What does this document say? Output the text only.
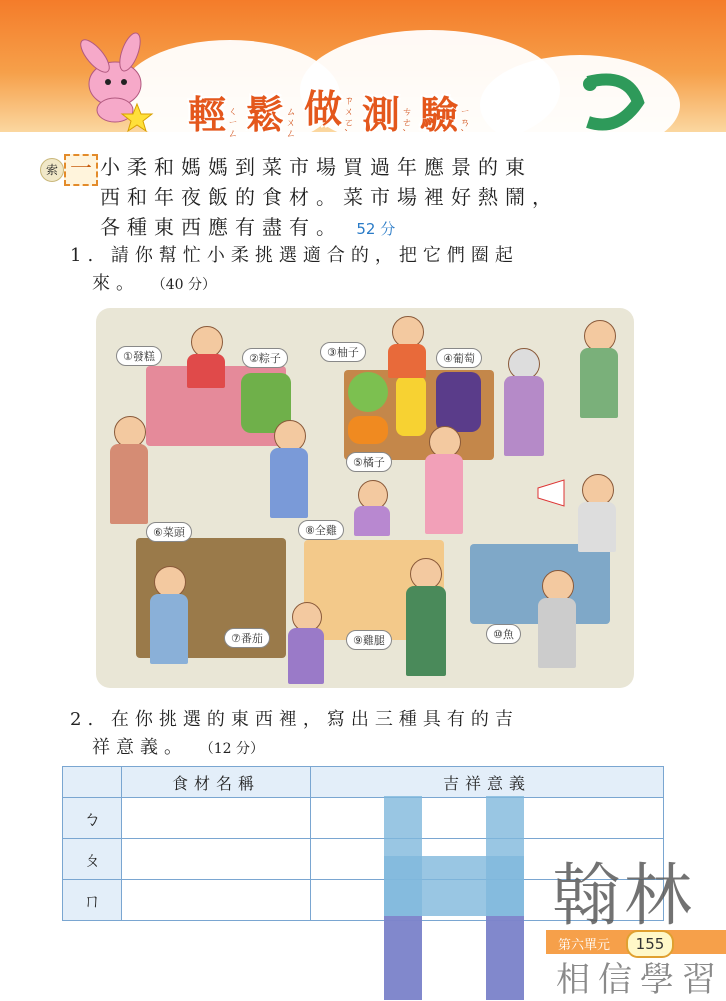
輕 ㄑㄧㄥ 鬆 ㄙㄨㄥ
做 ㄗㄨㄛˋ 測 ㄘㄜˋ 驗 ㄧㄢˋ
索 一 小柔和媽媽到菜市場買過年應景的東
西和年夜飯的食材。菜市場裡好熱鬧，
各種東西應有盡有。 52 分
1. 請你幫忙小柔挑選適合的，把它們圈起
來。 （40 分）
①發糕	②粽子	③柚子	④葡萄
⑤橘子
⑥菜頭	⑧全雞
⑦番茄	⑨雞腿	⑩魚
2. 在你挑選的東西裡，寫出三種具有的吉
祥意義。 （12 分）
	食材名稱	吉祥意義
ㄅ		
ㄆ		
ㄇ		
第六單元	155
翰林
相信學習
